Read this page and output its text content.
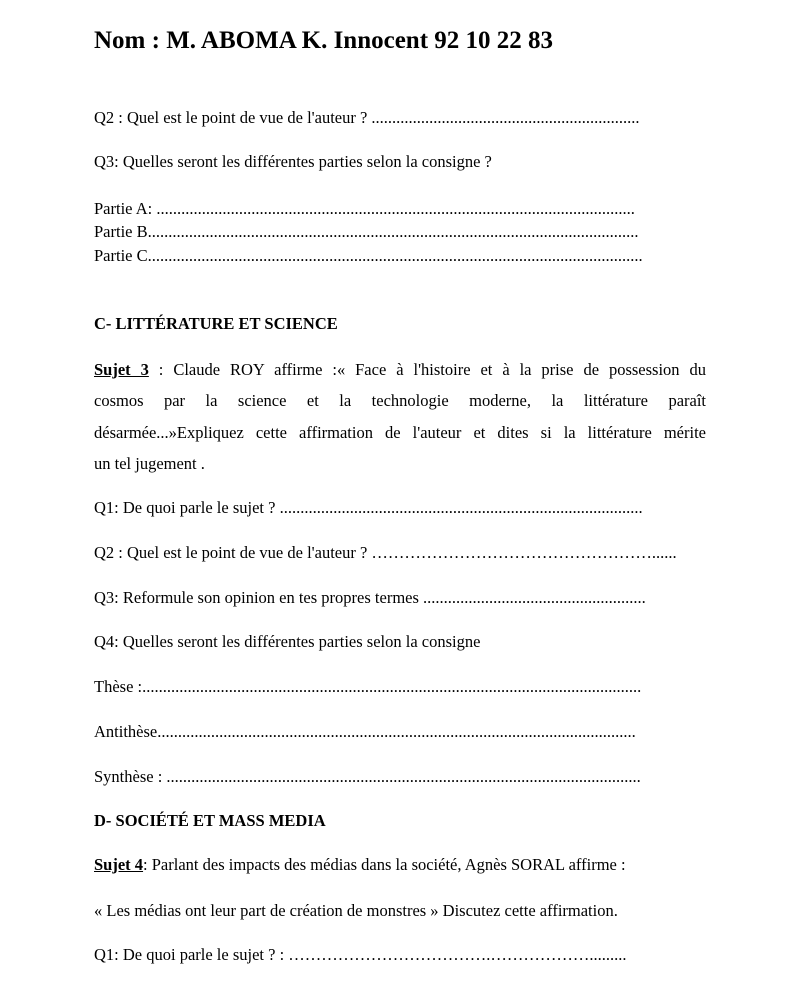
Nom : M. ABOMA K. Innocent 92 10 22 83

Q2 : Quel est le point de vue de l'auteur ? .................................................................

Q3: Quelles seront les différentes parties selon la consigne ?

Partie A: ....................................................................................................................

Partie B.......................................................................................................................

Partie C........................................................................................................................

C- LITTÉRATURE ET SCIENCE

Sujet 3 : Claude ROY affirme :« Face à l'histoire et à la prise de possession du

cosmos par la science et la technologie moderne, la littérature paraît

désarmée...»Expliquez cette affirmation de l'auteur et dites si la littérature mérite

un tel jugement .

Q1: De quoi parle le sujet ? ........................................................................................

Q2 : Quel est le point de vue de l'auteur ? ……………………………………………......

Q3: Reformule son opinion en tes propres termes ......................................................

Q4: Quelles seront les différentes parties selon la consigne

Thèse :.........................................................................................................................

Antithèse....................................................................................................................

Synthèse : ...................................................................................................................

D- SOCIÉTÉ ET MASS MEDIA

Sujet 4: Parlant des impacts des médias dans la société, Agnès SORAL affirme :

« Les médias ont leur part de création de monstres » Discutez cette affirmation.

Q1: De quoi parle le sujet ? : ……………………………….……………….........
